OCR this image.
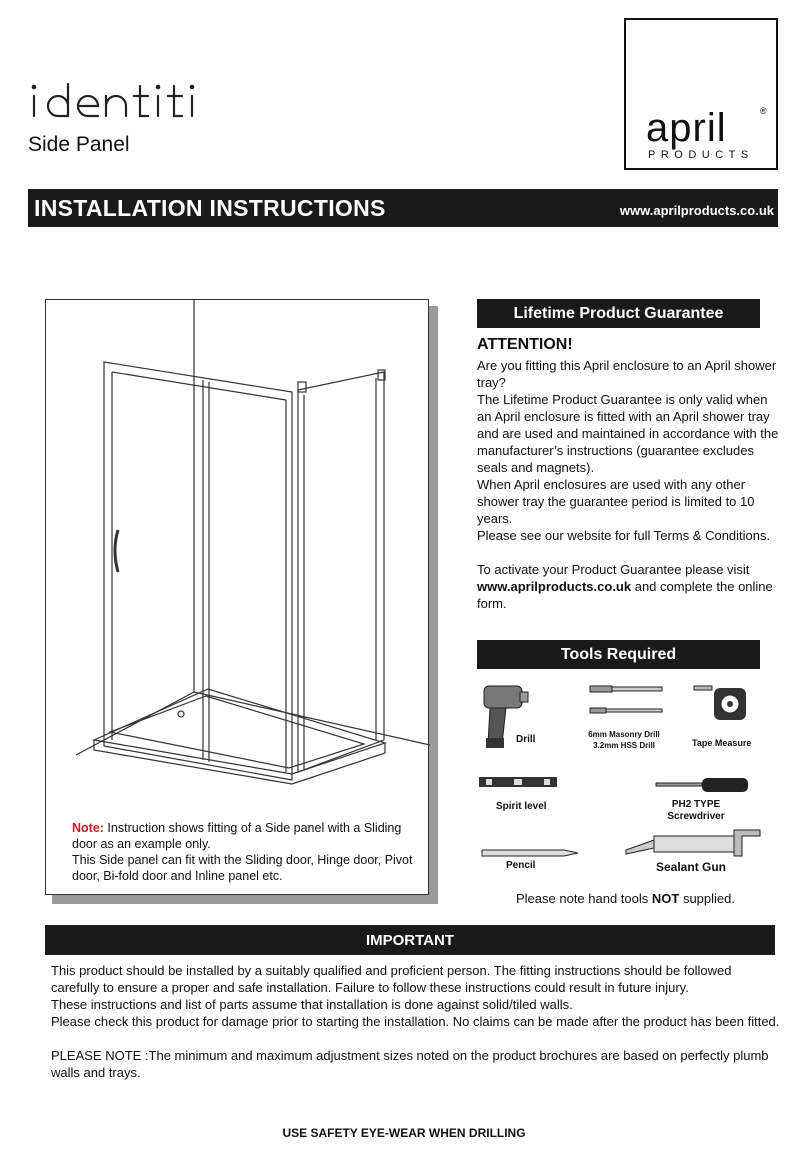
Side Panel	april	®
PRODUCTS
INSTALLATION INSTRUCTIONS	www.aprilproducts.co.uk
Note: Instruction shows fitting of a Side panel with a Sliding door as an example only.
This Side panel can fit with the Sliding door, Hinge door, Pivot door, Bi-fold door and Inline panel etc.
Lifetime Product Guarantee
ATTENTION!

Are you fitting this April enclosure to an April shower tray?

The Lifetime Product Guarantee is only valid when an April enclosure is fitted with an April shower tray and are used and maintained in accordance with the manufacturer’s instructions (guarantee excludes seals and magnets).

When April enclosures are used with any other shower tray the guarantee period is limited to 10 years.

Please see our website for full Terms & Conditions.

To activate your Product Guarantee please visit www.aprilproducts.co.uk and complete the online form.

Tools Required
Drill	6mm Masonry Drill
3.2mm HSS Drill	Tape Measure
Spirit level	PH2 TYPE
Screwdriver
Pencil	Sealant Gun
Please note hand tools NOT supplied.
IMPORTANT

This product should be installed by a suitably qualified and proficient person. The fitting instructions should be followed carefully to ensure a proper and safe installation. Failure to follow these instructions could result in future injury.

These instructions and list of parts assume that installation is done against solid/tiled walls.

Please check this product for damage prior to starting the installation. No claims can be made after the product has been fitted.

PLEASE NOTE :The minimum and maximum adjustment sizes noted on the product brochures are based on perfectly plumb walls and trays.

USE SAFETY EYE-WEAR WHEN DRILLING
